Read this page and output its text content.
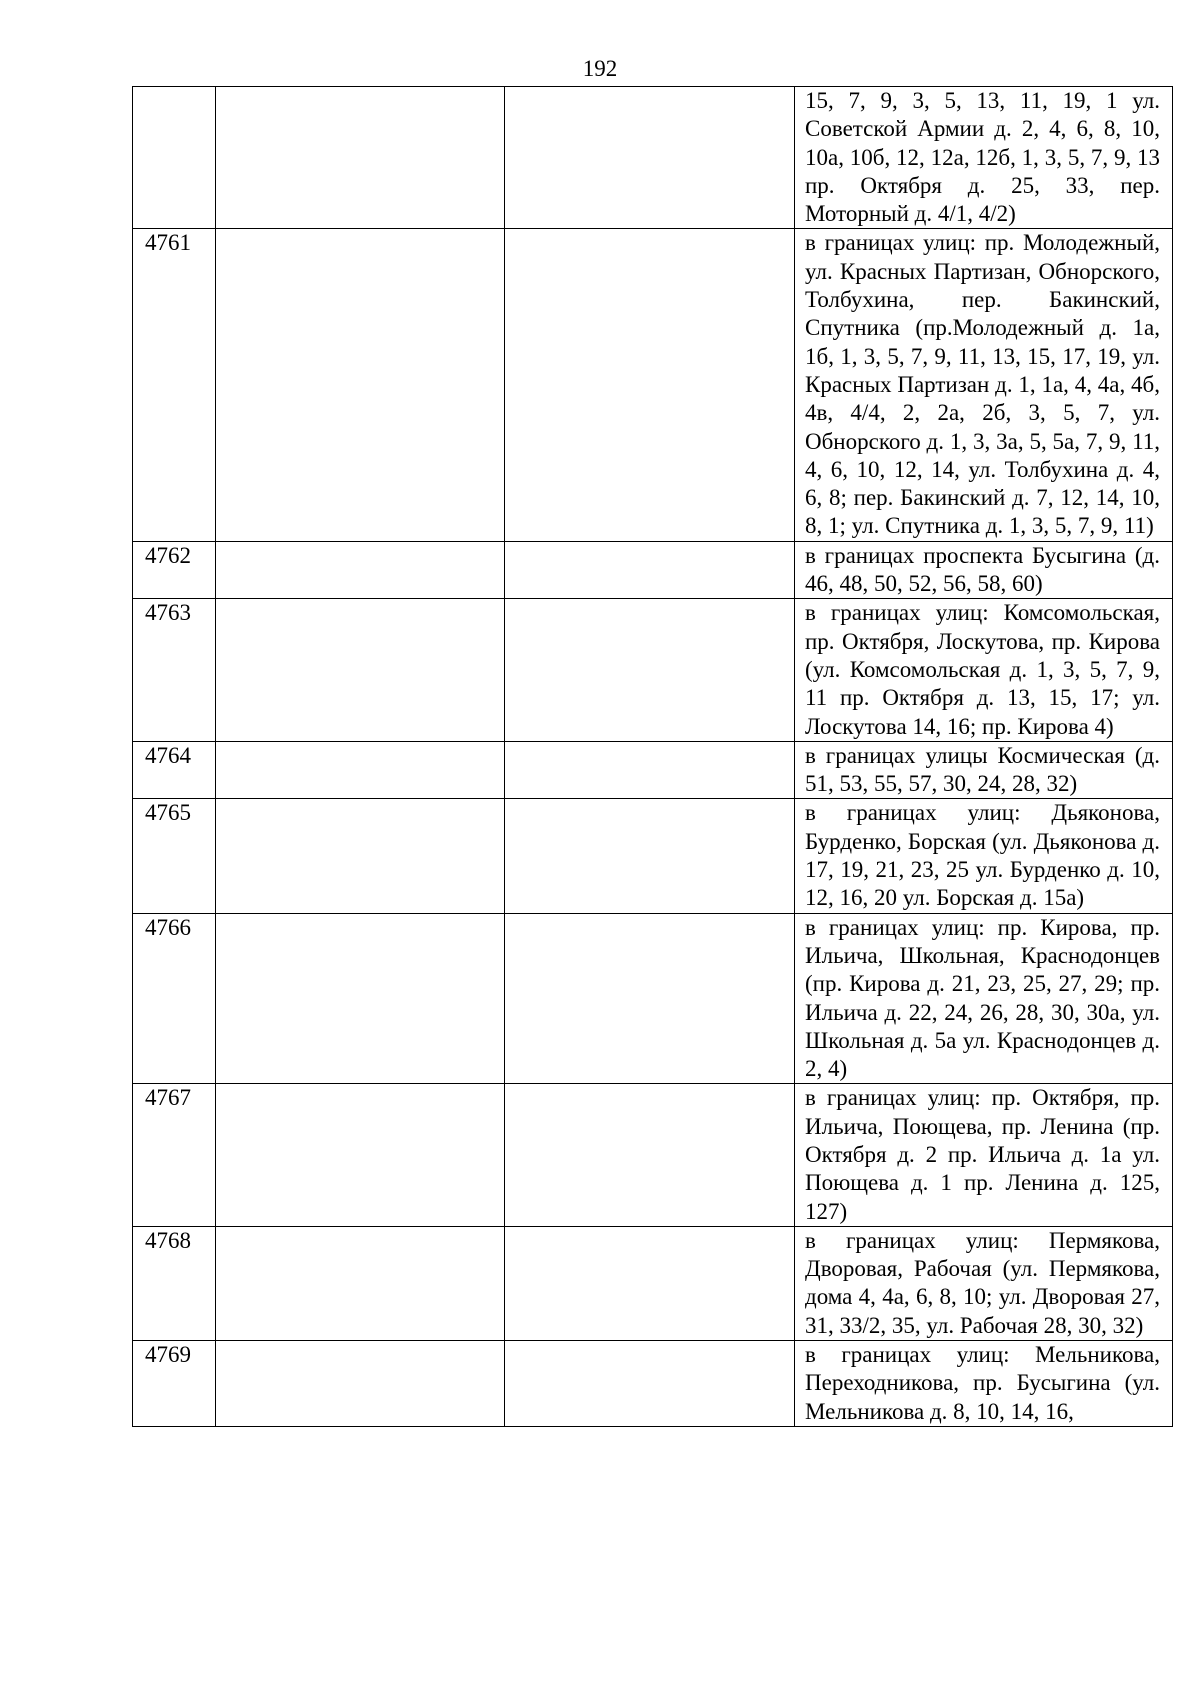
192
			15, 7, 9, 3, 5, 13, 11, 19, 1 ул. Советской Армии д. 2, 4, 6, 8, 10, 10а, 10б, 12, 12а, 12б, 1, 3, 5, 7, 9, 13 пр. Октября д. 25, 33, пер. Моторный д. 4/1, 4/2)
4761			в границах улиц: пр. Молодежный, ул. Красных Партизан, Обнорского, Толбухина, пер. Бакинский, Спутника (пр.Молодежный д. 1а, 1б, 1, 3, 5, 7, 9, 11, 13, 15, 17, 19, ул. Красных Партизан д. 1, 1а, 4, 4а, 4б, 4в, 4/4, 2, 2а, 2б, 3, 5, 7, ул. Обнорского д. 1, 3, 3а, 5, 5а, 7, 9, 11, 4, 6, 10, 12, 14, ул. Толбухина д. 4, 6, 8; пер. Бакинский д. 7, 12, 14, 10, 8, 1; ул. Спутника д. 1, 3, 5, 7, 9, 11)
4762			в границах проспекта Бусыгина (д. 46, 48, 50, 52, 56, 58, 60)
4763			в границах улиц: Комсомольская, пр. Октября, Лоскутова, пр. Кирова (ул. Комсомольская д. 1, 3, 5, 7, 9, 11 пр. Октября д. 13, 15, 17; ул. Лоскутова 14, 16; пр. Кирова 4)
4764			в границах улицы Космическая (д. 51, 53, 55, 57, 30, 24, 28, 32)
4765			в границах улиц: Дьяконова, Бурденко, Борская (ул. Дьяконова д. 17, 19, 21, 23, 25 ул. Бурденко д. 10, 12, 16, 20 ул. Борская д. 15а)
4766			в границах улиц: пр. Кирова, пр. Ильича, Школьная, Краснодонцев (пр. Кирова д. 21, 23, 25, 27, 29; пр. Ильича д. 22, 24, 26, 28, 30, 30а, ул. Школьная д. 5а ул. Краснодонцев д. 2, 4)
4767			в границах улиц: пр. Октября, пр. Ильича, Поющева, пр. Ленина (пр. Октября д. 2 пр. Ильича д. 1а ул. Поющева д. 1 пр. Ленина д. 125, 127)
4768			в границах улиц: Пермякова, Дворовая, Рабочая (ул. Пермякова, дома 4, 4а, 6, 8, 10; ул. Дворовая 27, 31, 33/2, 35, ул. Рабочая 28, 30, 32)
4769			в границах улиц: Мельникова, Переходникова, пр. Бусыгина (ул. Мельникова д. 8, 10, 14, 16,
